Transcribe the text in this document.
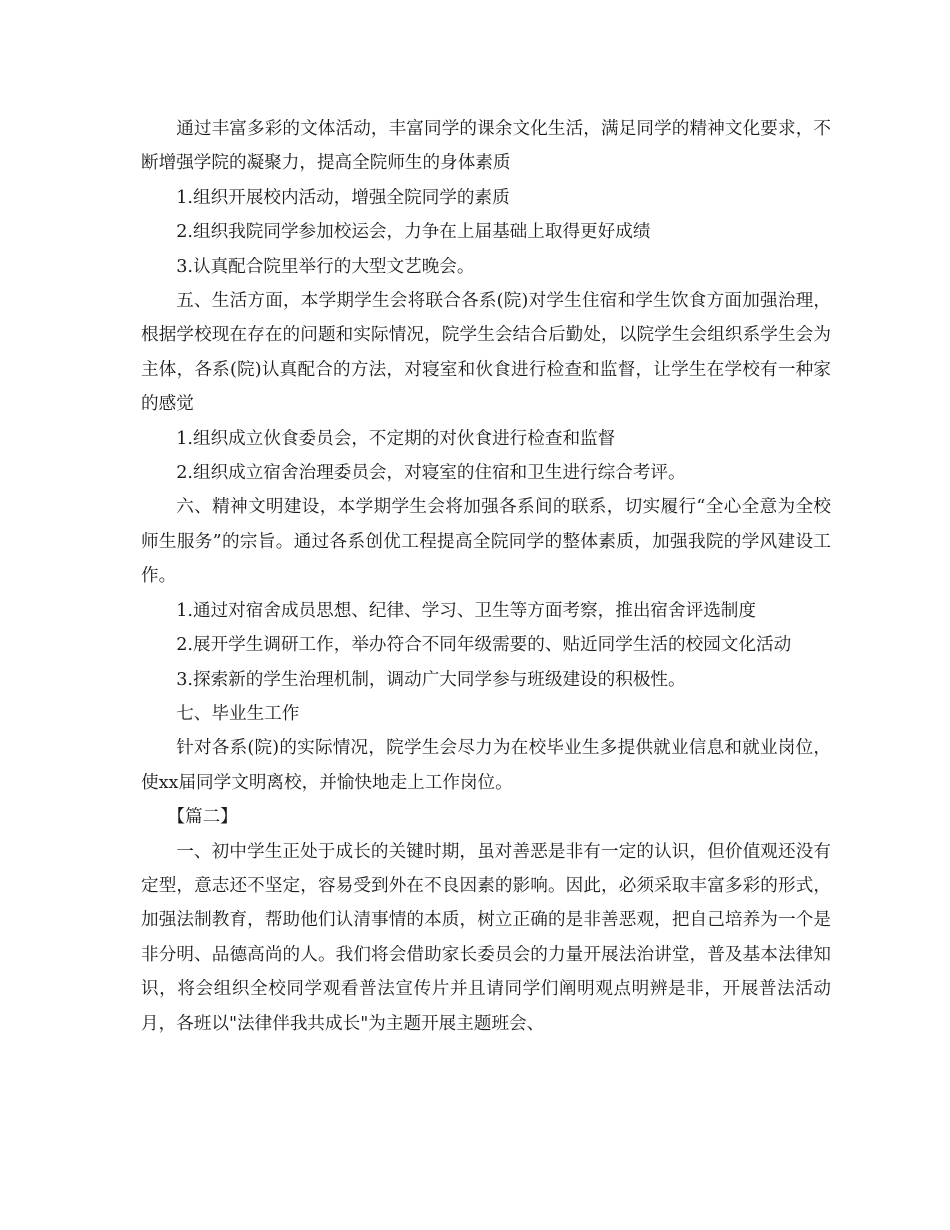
通过丰富多彩的文体活动，丰富同学的课余文化生活，满足同学的精神文化要求，不断增强学院的凝聚力，提高全院师生的身体素质

1.组织开展校内活动，增强全院同学的素质

2.组织我院同学参加校运会，力争在上届基础上取得更好成绩

3.认真配合院里举行的大型文艺晚会。

五、生活方面，本学期学生会将联合各系(院)对学生住宿和学生饮食方面加强治理，根据学校现在存在的问题和实际情况，院学生会结合后勤处，以院学生会组织系学生会为主体，各系(院)认真配合的方法，对寝室和伙食进行检查和监督，让学生在学校有一种家的感觉

1.组织成立伙食委员会，不定期的对伙食进行检查和监督

2.组织成立宿舍治理委员会，对寝室的住宿和卫生进行综合考评。

六、精神文明建设，本学期学生会将加强各系间的联系，切实履行“全心全意为全校师生服务”的宗旨。通过各系创优工程提高全院同学的整体素质，加强我院的学风建设工作。

1.通过对宿舍成员思想、纪律、学习、卫生等方面考察，推出宿舍评选制度

2.展开学生调研工作，举办符合不同年级需要的、贴近同学生活的校园文化活动

3.探索新的学生治理机制，调动广大同学参与班级建设的积极性。

七、毕业生工作

针对各系(院)的实际情况，院学生会尽力为在校毕业生多提供就业信息和就业岗位，使xx届同学文明离校，并愉快地走上工作岗位。

【篇二】

一、初中学生正处于成长的关键时期，虽对善恶是非有一定的认识，但价值观还没有定型，意志还不坚定，容易受到外在不良因素的影响。因此，必须采取丰富多彩的形式，加强法制教育，帮助他们认清事情的本质，树立正确的是非善恶观，把自己培养为一个是非分明、品德高尚的人。我们将会借助家长委员会的力量开展法治讲堂，普及基本法律知识，将会组织全校同学观看普法宣传片并且请同学们阐明观点明辨是非，开展普法活动月，各班以"法律伴我共成长"为主题开展主题班会、
